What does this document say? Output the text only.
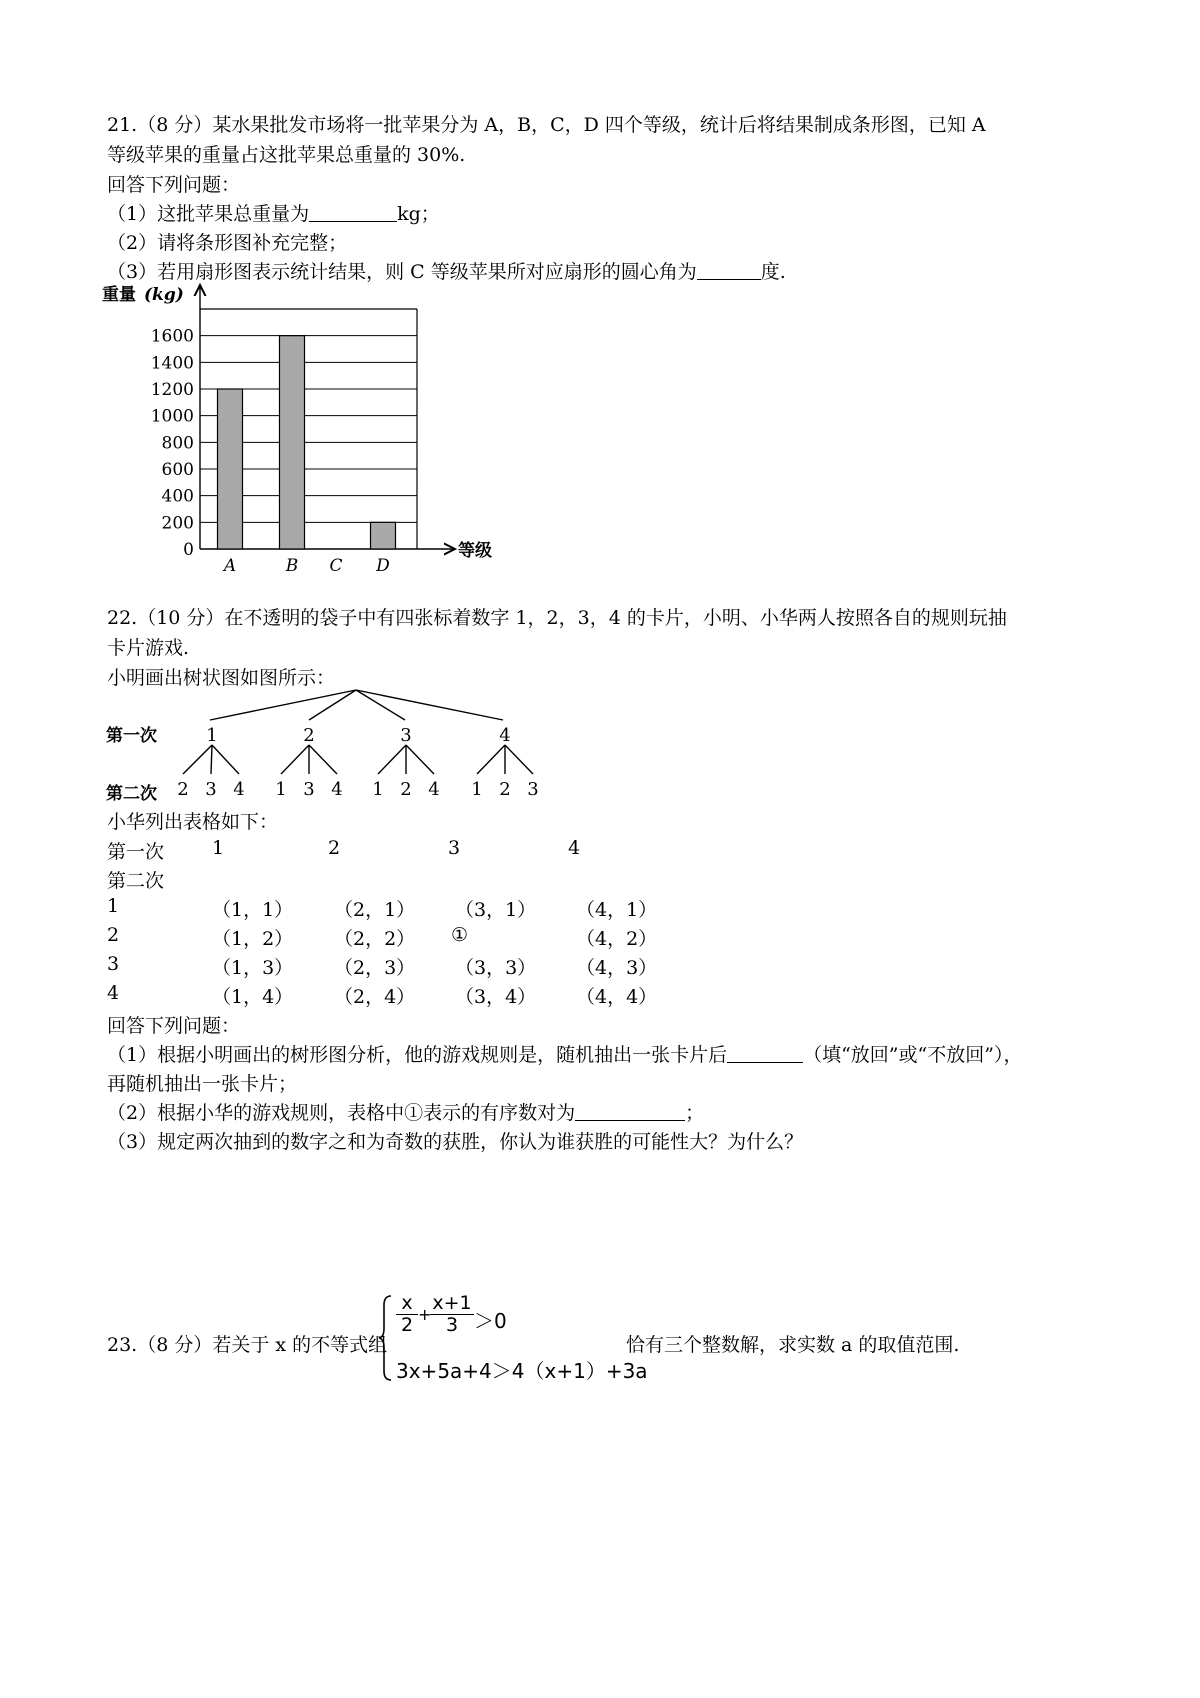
21.（8 分）某水果批发市场将一批苹果分为 A，B，C，D 四个等级，统计后将结果制成条形图，已知 A
等级苹果的重量占这批苹果总重量的 30%.
回答下列问题：
（1）这批苹果总重量为	kg；
（2）请将条形图补充完整；
（3）若用扇形图表示统计结果，则 C 等级苹果所对应扇形的圆心角为	度.
0
200
400
600
800
1000
1200
1400
1600
A	B C D
重量 (kg)
等级
22.（10 分）在不透明的袋子中有四张标着数字 1，2，3，4 的卡片，小明、小华两人按照各自的规则玩抽
卡片游戏.
小明画出树状图如图所示：
1	2	3	4
2 3 4 1 3 4 1 2 4 1 2 3
第一次
第二次
小华列出表格如下：
第一次	1	2	3	4
第二次
1	（1，1） （2，1） （3，1） （4，1）
2	（1，2） （2，2） ①	（4，2）
3	（1，3） （2，3） （3，3） （4，3）
4	（1，4） （2，4） （3，4） （4，4）
回答下列问题：
（1）根据小明画出的树形图分析，他的游戏规则是，随机抽出一张卡片后	（填“放回”或“不放回”），
再随机抽出一张卡片；
（2）根据小华的游戏规则，表格中①表示的有序数对为	；
（3）规定两次抽到的数字之和为奇数的获胜，你认为谁获胜的可能性大？为什么？
23.（8 分）若关于 x 的不等式组
$\frac{x}{2}$ +
$\frac{x+1}{3} >0$
3x+5a+4＞4（x+1）+3a
恰有三个整数解，求实数 a 的取值范围.
